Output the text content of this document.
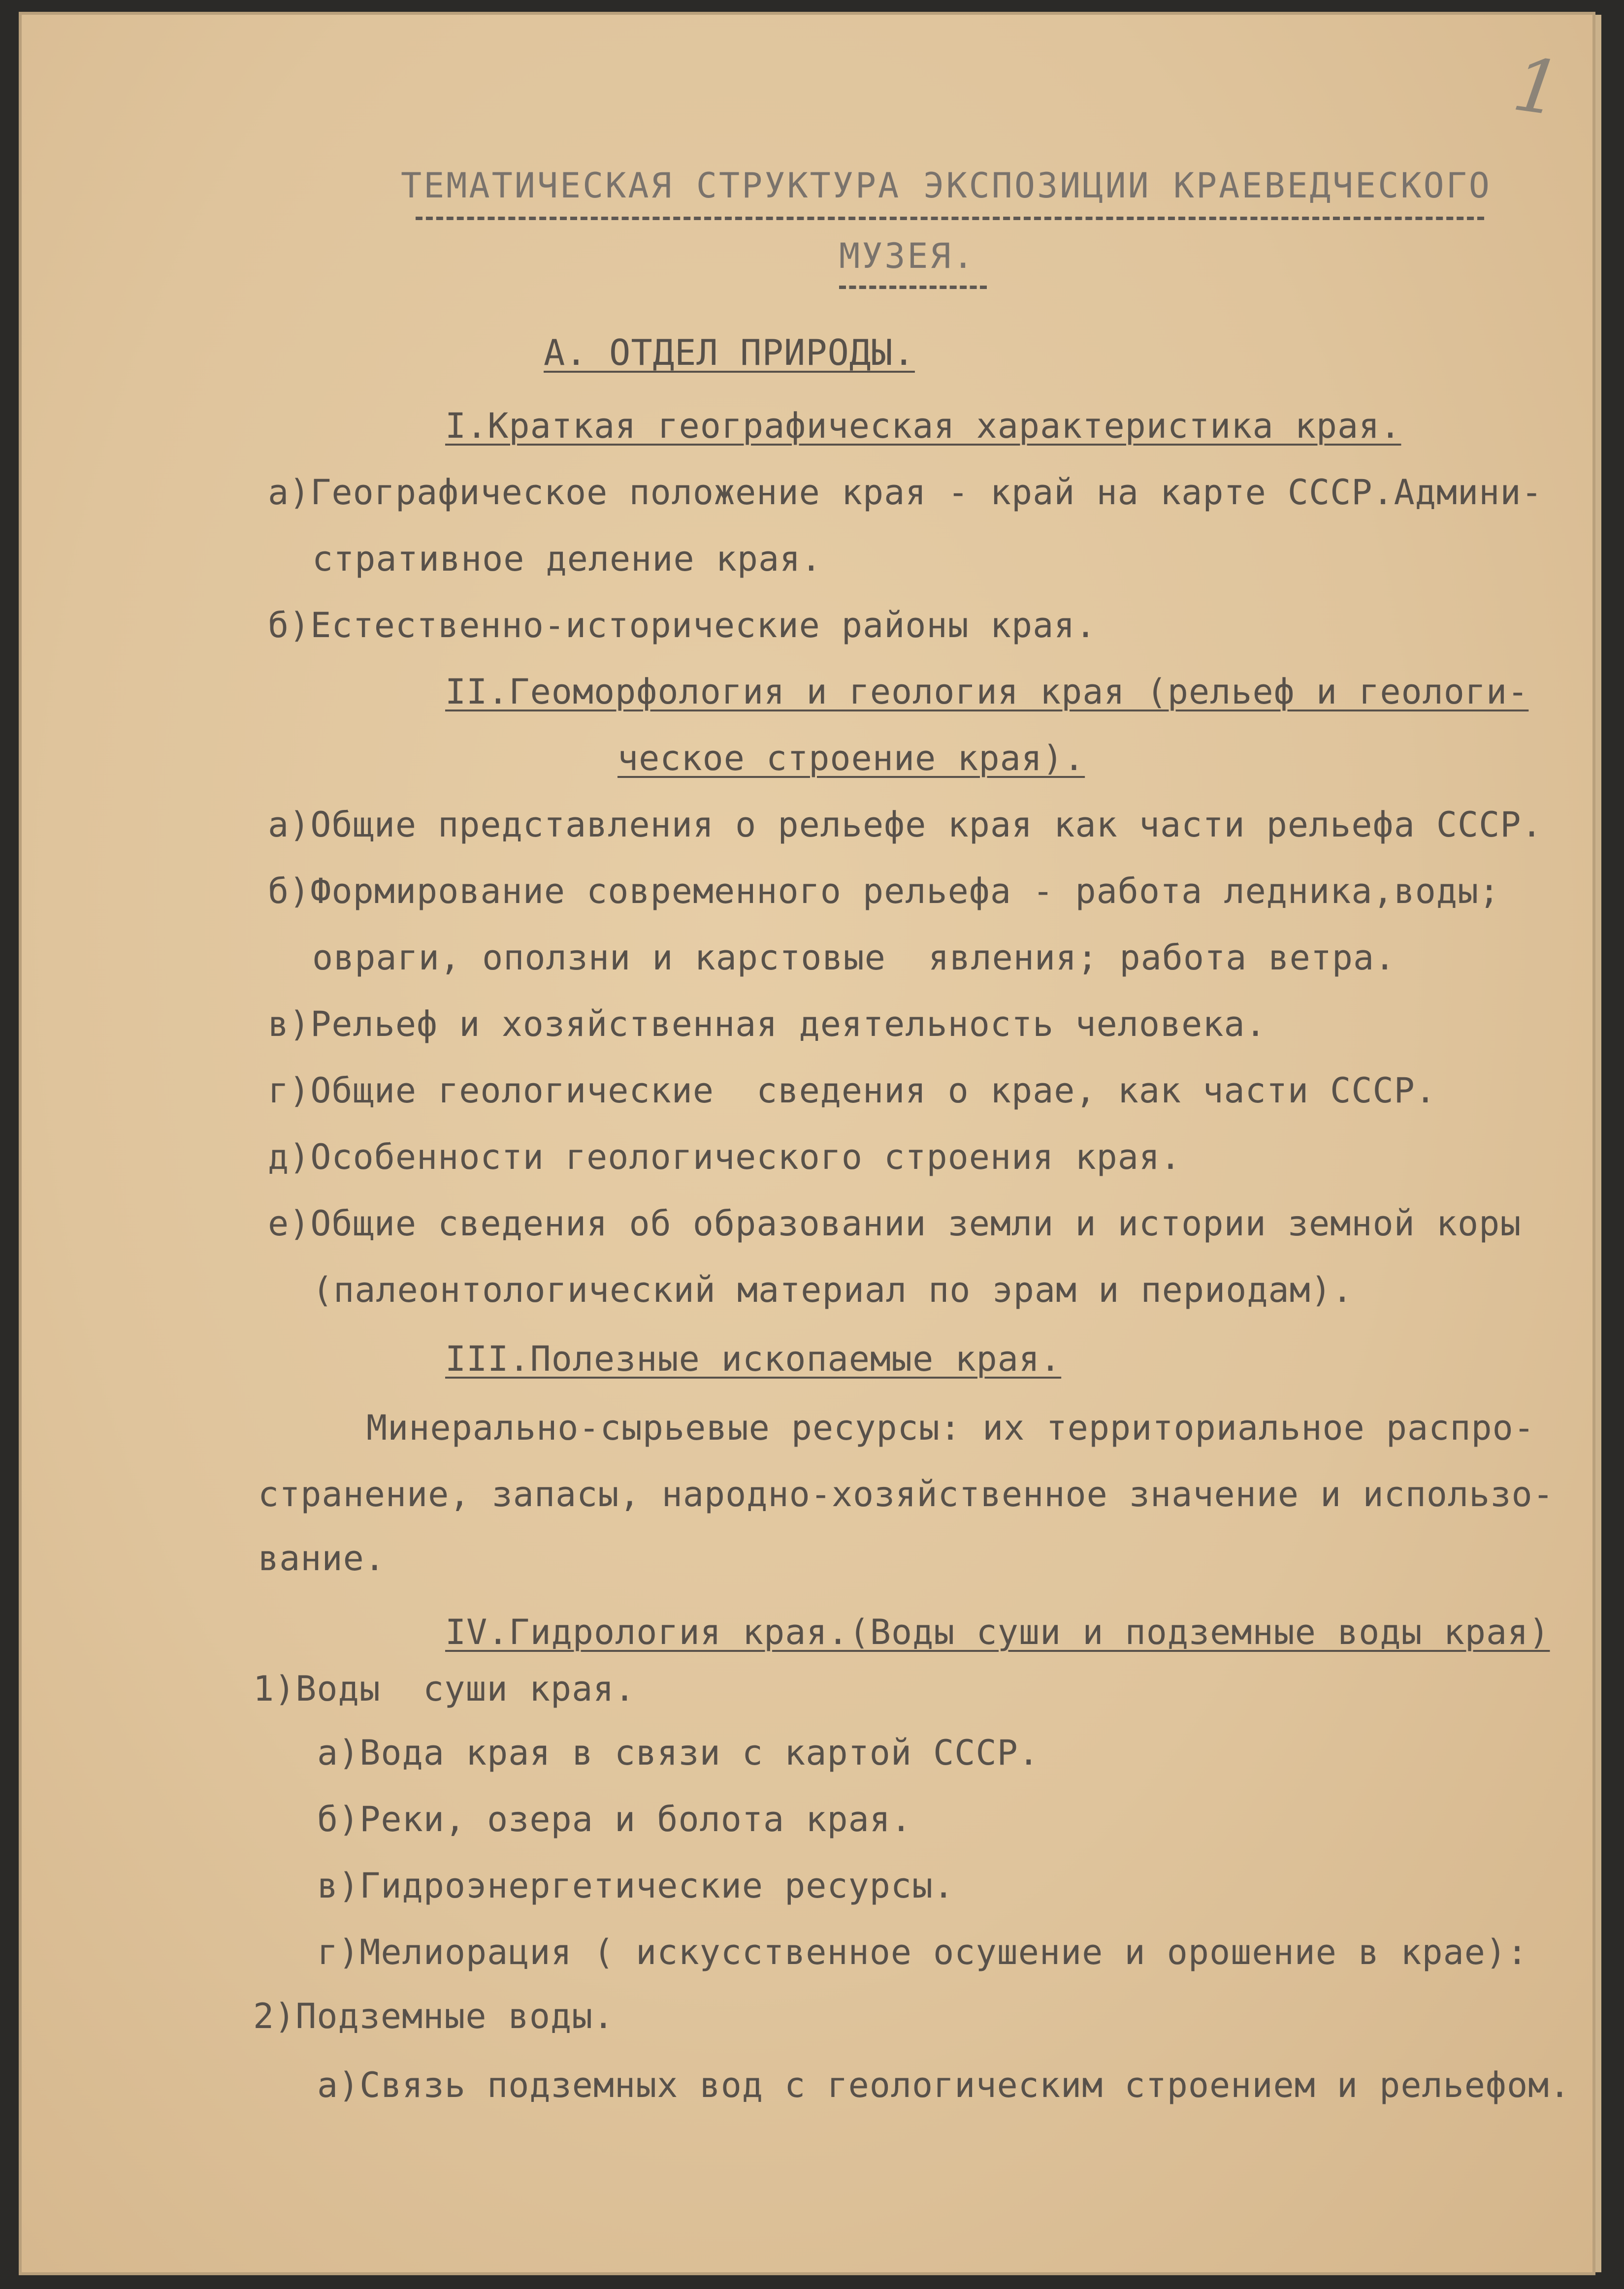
1
ТЕМАТИЧЕСКАЯ СТРУКТУРА ЭКСПОЗИЦИИ КРАЕВЕДЧЕСКОГО
МУЗЕЯ.
А. ОТДЕЛ ПРИРОДЫ.
I.Краткая географическая характеристика края.
а)Географическое положение края - край на карте СССР.Админи-
стративное деление края.
б)Естественно-исторические районы края.
II.Геоморфология и геология края (рельеф и геологи-
ческое строение края).
а)Общие представления о рельефе края как части рельефа СССР.
б)Формирование современного рельефа - работа ледника,воды;
овраги, оползни и карстовые  явления; работа ветра.
в)Рельеф и хозяйственная деятельность человека.
г)Общие геологические  сведения о крае, как части СССР.
д)Особенности геологического строения края.
е)Общие сведения об образовании земли и истории земной коры
(палеонтологический материал по эрам и периодам).
III.Полезные ископаемые края.
Минерально-сырьевые ресурсы: их территориальное распро-
странение, запасы, народно-хозяйственное значение и использо-
вание.
IV.Гидрология края.(Воды суши и подземные воды края)
1)Воды  суши края.
а)Вода края в связи с картой СССР.
б)Реки, озера и болота края.
в)Гидроэнергетические ресурсы.
г)Мелиорация ( искусственное осушение и орошение в крае):
2)Подземные воды.
а)Связь подземных вод с геологическим строением и рельефом.
